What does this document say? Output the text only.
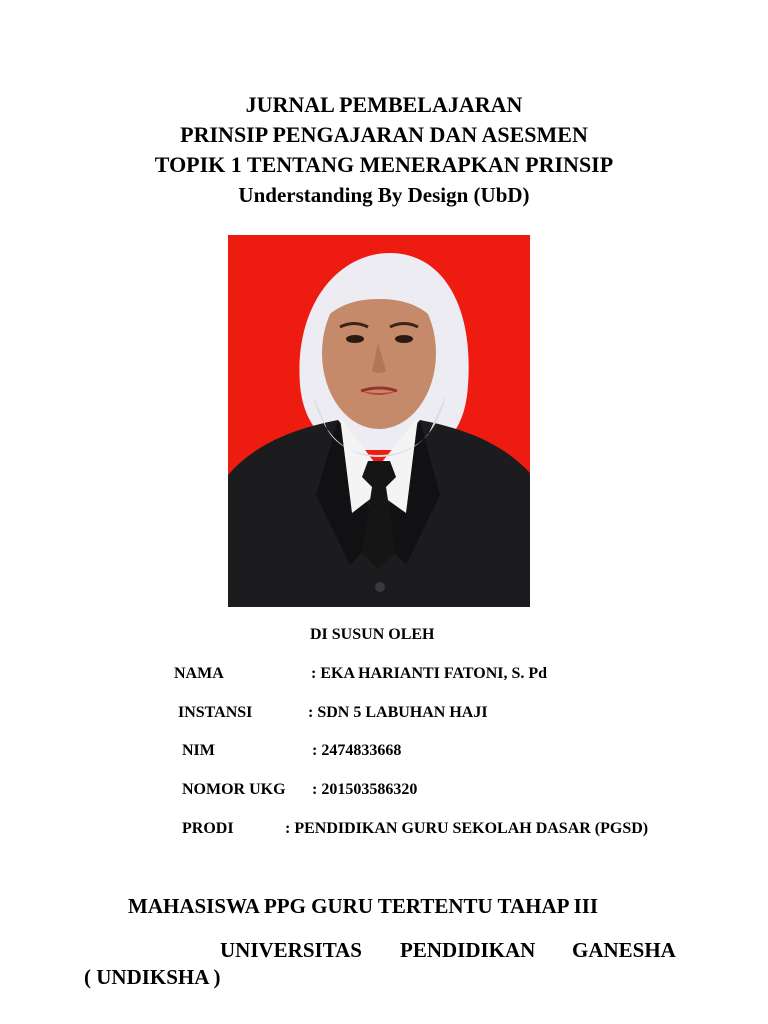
JURNAL PEMBELAJARAN
PRINSIP PENGAJARAN DAN ASESMEN
TOPIK 1 TENTANG MENERAPKAN PRINSIP
Understanding By Design (UbD)
DI SUSUN OLEH
NAMA	: EKA HARIANTI FATONI, S. Pd
INSTANSI	: SDN 5 LABUHAN HAJI
NIM	: 2474833668
NOMOR UKG : 201503586320
PRODI	: PENDIDIKAN GURU SEKOLAH DASAR (PGSD)
MAHASISWA PPG GURU TERTENTU TAHAP III
UNIVERSITAS PENDIDIKAN GANESHA
( UNDIKSHA )
